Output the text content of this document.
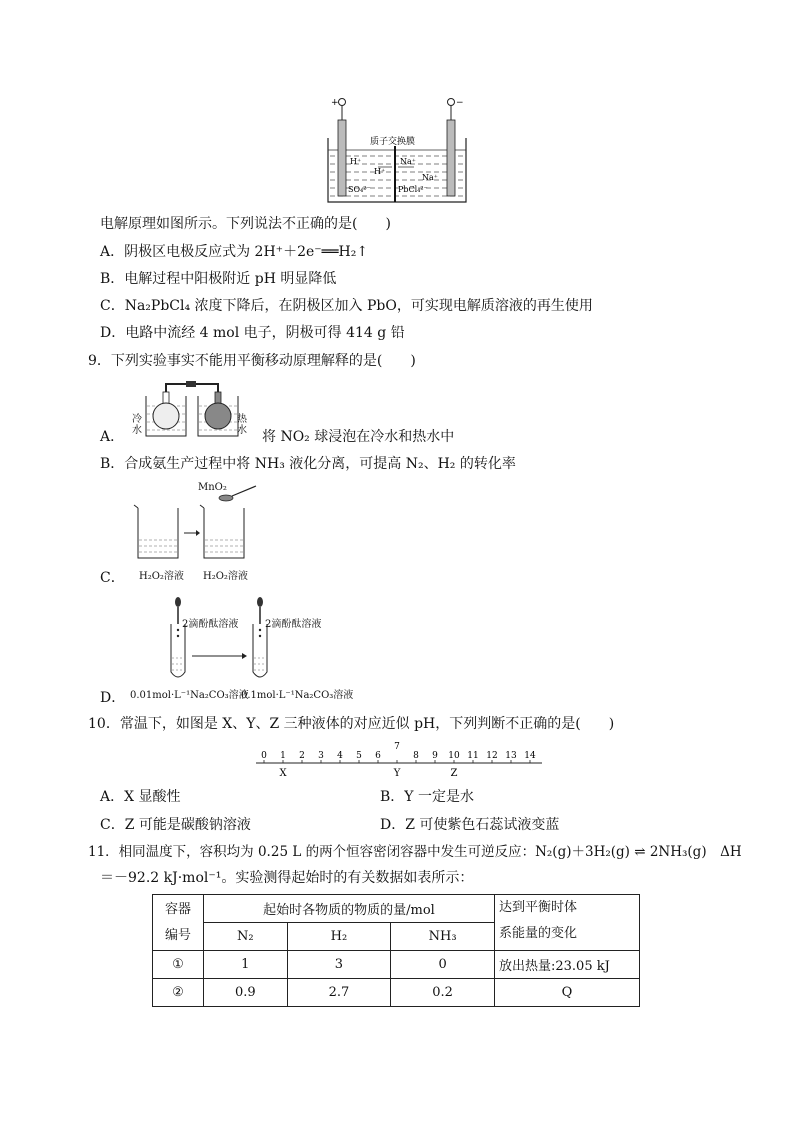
+	−
质子交换膜
H⁺
H⁺
SO₄²⁻
Na⁺
Na⁺
PbCl₄²⁻
电解原理如图所示。下列说法不正确的是(　　)
A．阴极区电极反应式为 2H⁺＋2e⁻══H₂↑
B．电解过程中阳极附近 pH 明显降低
C．Na₂PbCl₄ 浓度下降后，在阴极区加入 PbO，可实现电解质溶液的再生使用
D．电路中流经 4 mol 电子，阴极可得 414 g 铅
9．下列实验事实不能用平衡移动原理解释的是(　　)
A．
冷水
热水 将 NO₂ 球浸泡在冷水和热水中
B．合成氨生产过程中将 NH₃ 液化分离，可提高 N₂、H₂ 的转化率
C．
MnO₂
H₂O₂溶液 H₂O₂溶液
D．
2滴酚酞溶液	2滴酚酞溶液
0.01mol·L⁻¹Na₂CO₃溶液
0.1mol·L⁻¹Na₂CO₃溶液
10．常温下，如图是 X、Y、Z 三种液体的对应近似 pH，下列判断不正确的是(　　)
0 1 2 3 4 5 6
7
8 9 10 11 12 13 14
X	Y	Z
A．X 显酸性	B．Y 一定是水
C．Z 可能是碳酸钠溶液	D．Z 可使紫色石蕊试液变蓝
11．相同温度下，容积均为 0.25 L 的两个恒容密闭容器中发生可逆反应：N₂(g)＋3H₂(g) ⇌ 2NH₃(g)　ΔH
＝－92.2 kJ·mol⁻¹。实验测得起始时的有关数据如表所示：
容器
编号	起始时各物质的物质的量/mol			达到平衡时体
系能量的变化
	N₂	H₂	NH₃	
①	1	3	0	放出热量:23.05 kJ
②	0.9	2.7	0.2	Q
